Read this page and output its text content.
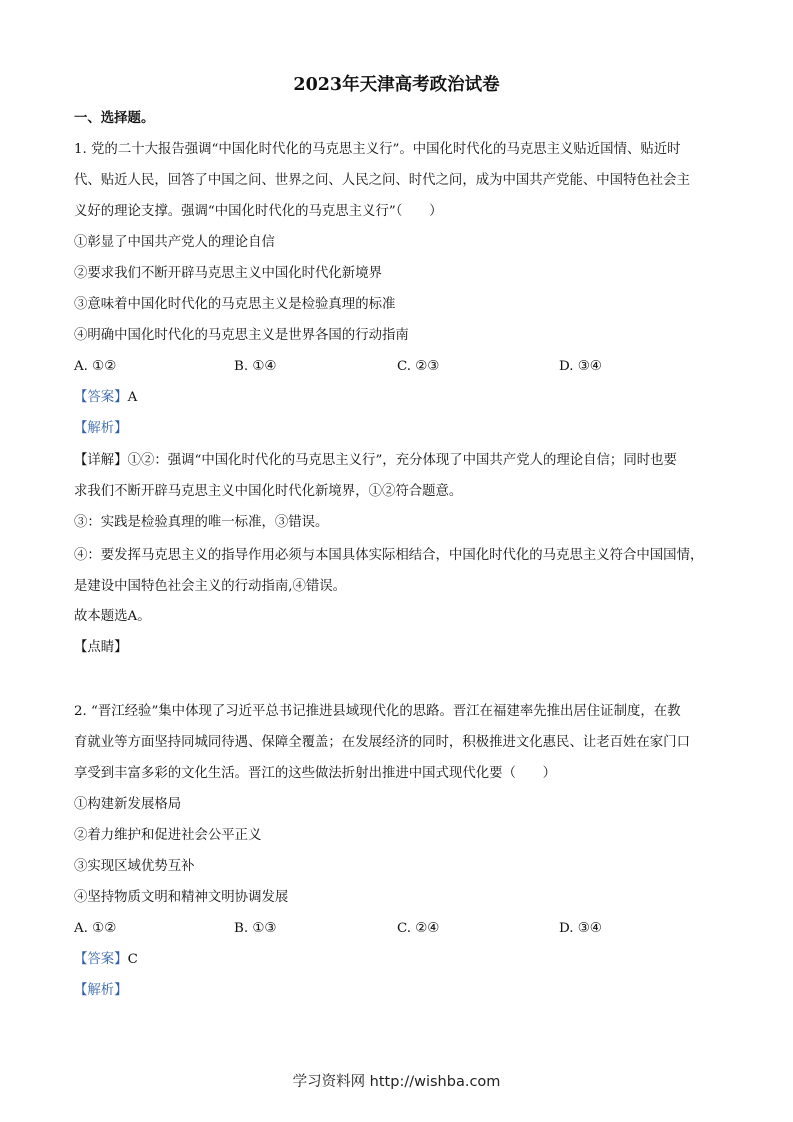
2023年天津高考政治试卷
一、选择题。
1. 党的二十大报告强调“中国化时代化的马克思主义行”。中国化时代化的马克思主义贴近国情、贴近时
代、贴近人民，回答了中国之问、世界之问、人民之问、时代之问，成为中国共产党能、中国特色社会主
义好的理论支撑。强调“中国化时代化的马克思主义行”（　　）
①彰显了中国共产党人的理论自信
②要求我们不断开辟马克思主义中国化时代化新境界
③意味着中国化时代化的马克思主义是检验真理的标准
④明确中国化时代化的马克思主义是世界各国的行动指南
A. ①②	B. ①④	C. ②③	D. ③④
【答案】A
【解析】
【详解】①②：强调“中国化时代化的马克思主义行”，充分体现了中国共产党人的理论自信；同时也要
求我们不断开辟马克思主义中国化时代化新境界，①②符合题意。
③：实践是检验真理的唯一标准，③错误。
④：要发挥马克思主义的指导作用必须与本国具体实际相结合，中国化时代化的马克思主义符合中国国情，
是建设中国特色社会主义的行动指南,④错误。
故本题选A。
【点睛】
2. “晋江经验”集中体现了习近平总书记推进县域现代化的思路。晋江在福建率先推出居住证制度，在教
育就业等方面坚持同城同待遇、保障全覆盖；在发展经济的同时，积极推进文化惠民、让老百姓在家门口
享受到丰富多彩的文化生活。晋江的这些做法折射出推进中国式现代化要（　　）
①构建新发展格局
②着力维护和促进社会公平正义
③实现区域优势互补
④坚持物质文明和精神文明协调发展
A. ①②	B. ①③	C. ②④	D. ③④
【答案】C
【解析】
学习资料网 http://wishba.com
